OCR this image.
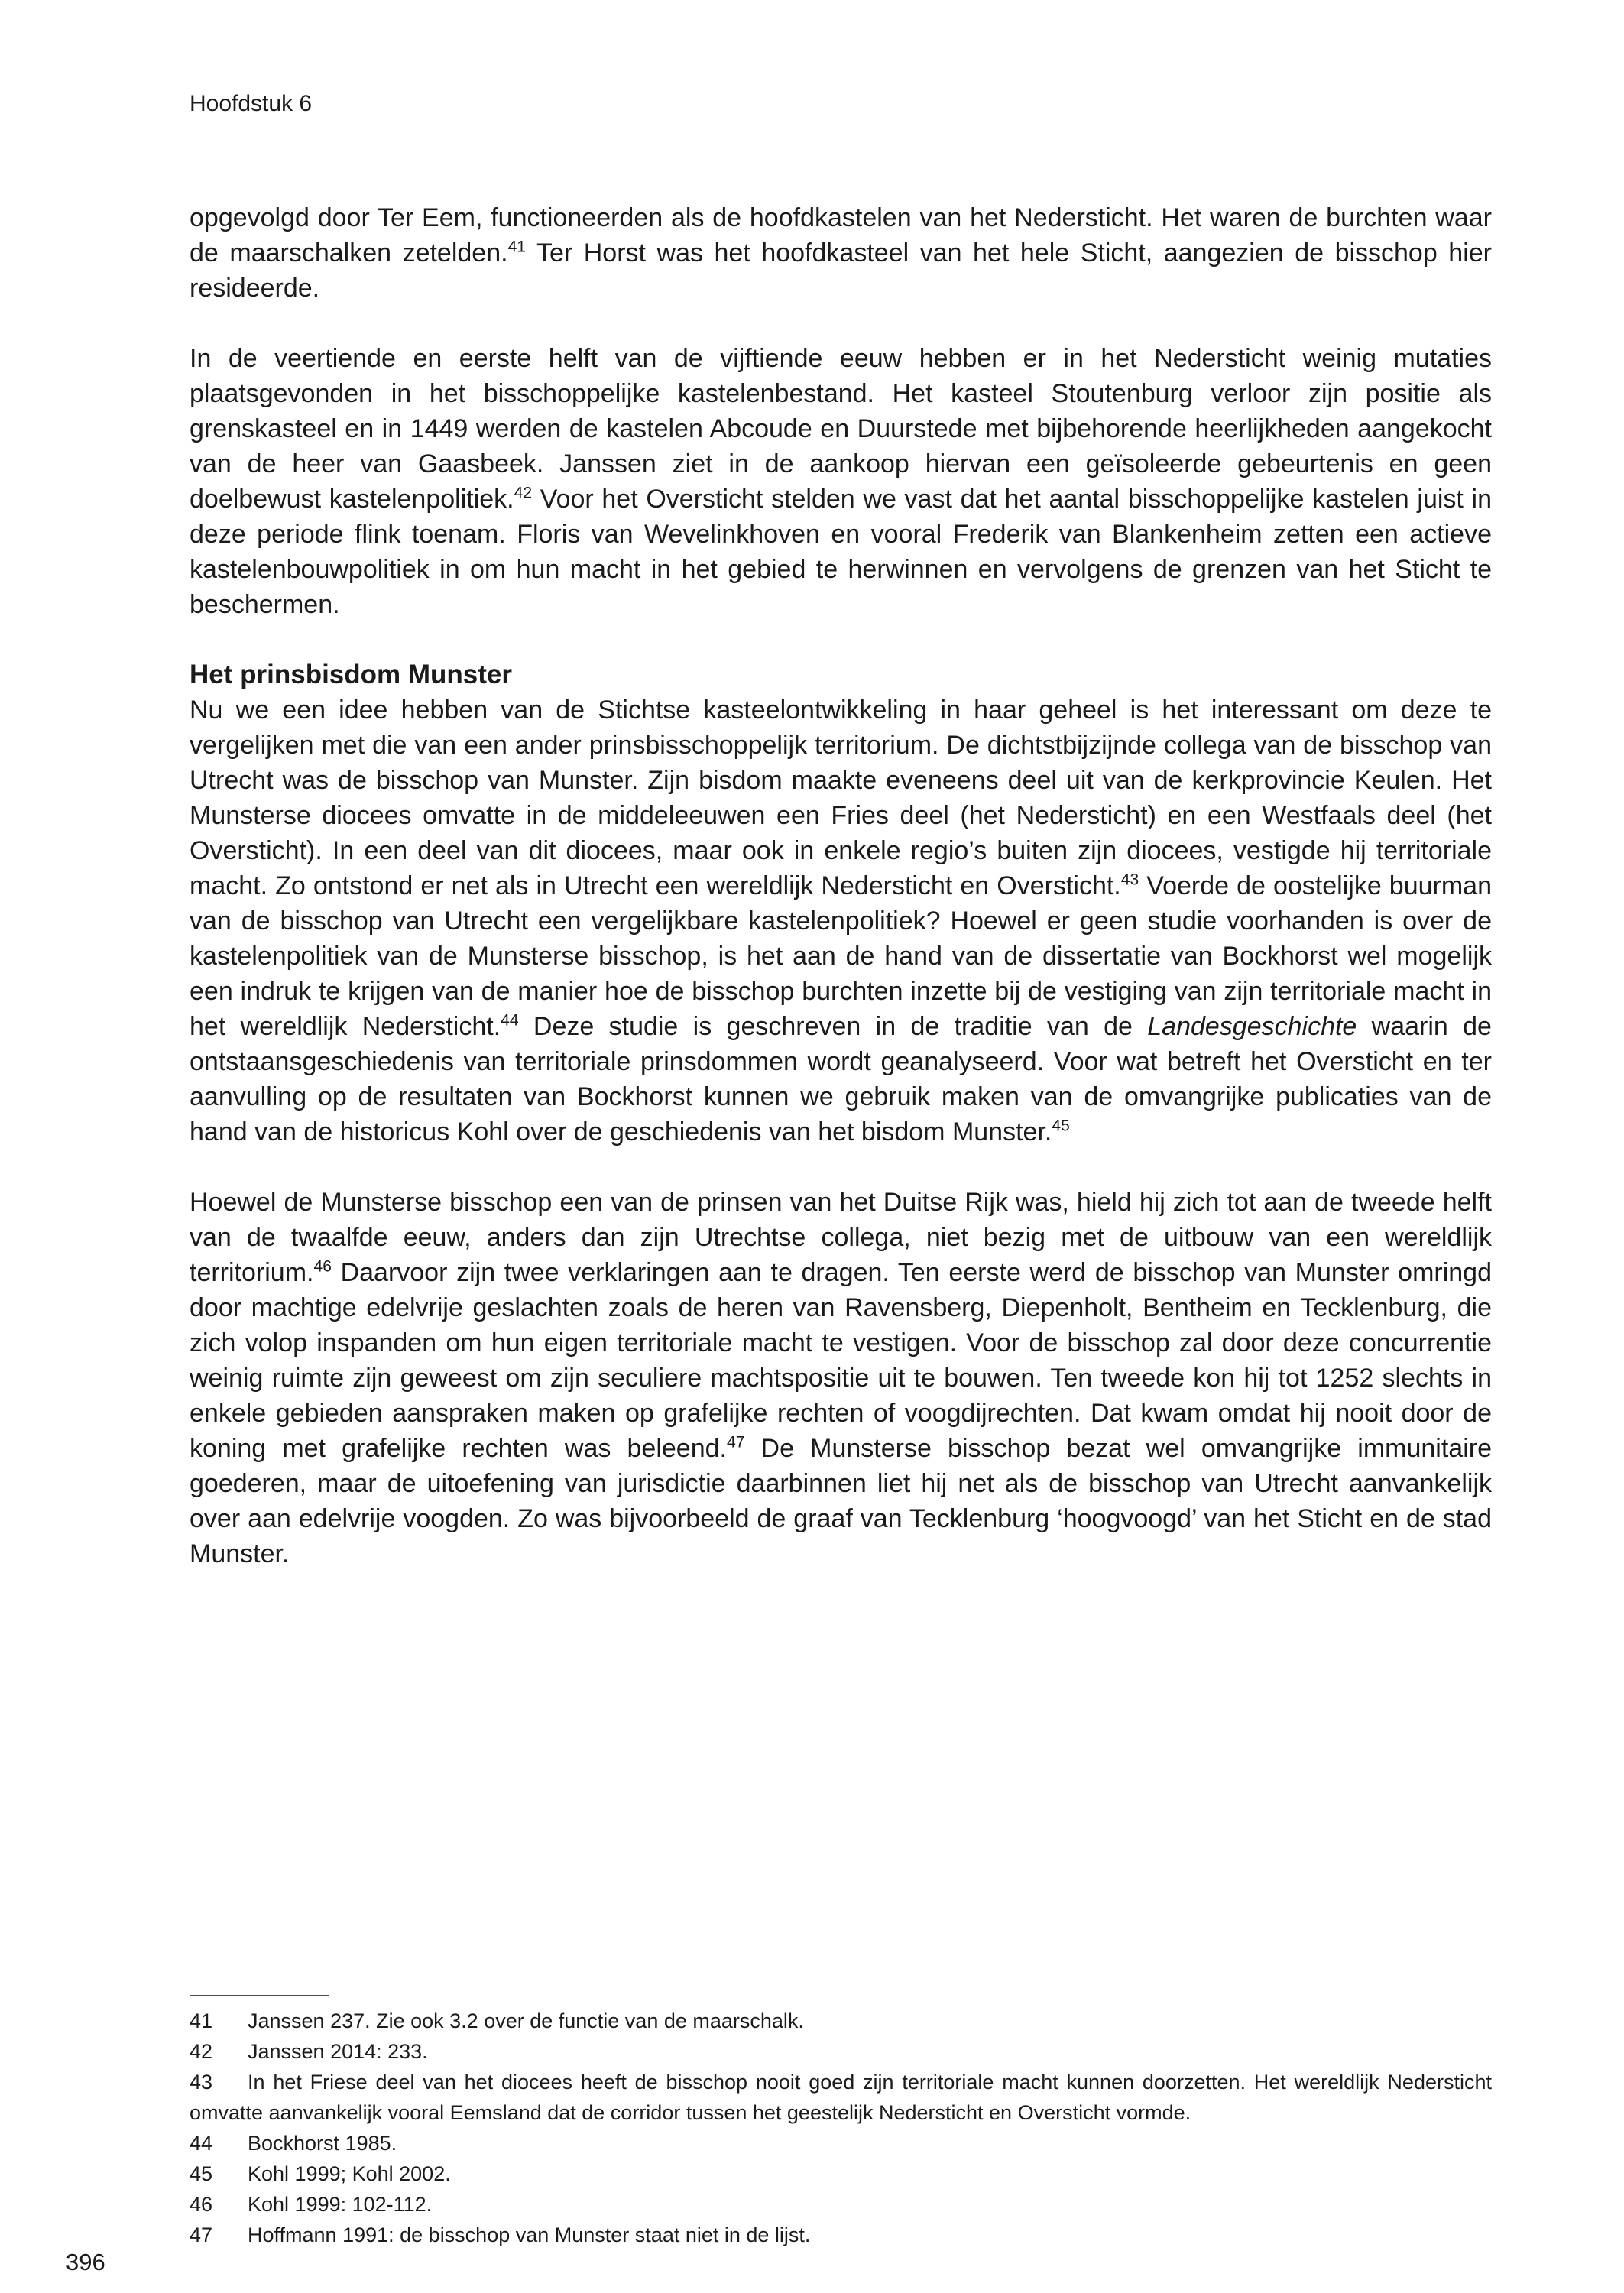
Hoofdstuk 6

opgevolgd door Ter Eem, functioneerden als de hoofdkastelen van het Nedersticht. Het waren de burchten waar de maarschalken zetelden.$^{41}$ Ter Horst was het hoofdkasteel van het hele Sticht, aangezien de bisschop hier resideerde.

In de veertiende en eerste helft van de vijftiende eeuw hebben er in het Nedersticht weinig mutaties plaatsgevonden in het bisschoppelijke kastelenbestand. Het kasteel Stoutenburg verloor zijn positie als grenskasteel en in 1449 werden de kastelen Abcoude en Duurstede met bijbehorende heerlijkheden aangekocht van de heer van Gaasbeek. Janssen ziet in de aankoop hiervan een geïsoleerde gebeurtenis en geen doelbewust kastelenpolitiek.$^{42}$ Voor het Oversticht stelden we vast dat het aantal bisschoppelijke kastelen juist in deze periode flink toenam. Floris van Wevelinkhoven en vooral Frederik van Blankenheim zetten een actieve kastelenbouwpolitiek in om hun macht in het gebied te herwinnen en vervolgens de grenzen van het Sticht te beschermen.

Het prinsbisdom Munster

Nu we een idee hebben van de Stichtse kasteelontwikkeling in haar geheel is het interessant om deze te vergelijken met die van een ander prinsbisschoppelijk territorium. De dichtstbijzijnde collega van de bisschop van Utrecht was de bisschop van Munster. Zijn bisdom maakte eveneens deel uit van de kerkprovincie Keulen. Het Munsterse diocees omvatte in de middeleeuwen een Fries deel (het Nedersticht) en een Westfaals deel (het Oversticht). In een deel van dit diocees, maar ook in enkele regio’s buiten zijn diocees, vestigde hij territoriale macht. Zo ontstond er net als in Utrecht een wereldlijk Nedersticht en Oversticht.$^{43}$ Voerde de oostelijke buurman van de bisschop van Utrecht een vergelijkbare kastelenpolitiek? Hoewel er geen studie voorhanden is over de kastelenpolitiek van de Munsterse bisschop, is het aan de hand van de dissertatie van Bockhorst wel mogelijk een indruk te krijgen van de manier hoe de bisschop burchten inzette bij de vestiging van zijn territoriale macht in het wereldlijk Nedersticht.$^{44}$ Deze studie is geschreven in de traditie van de Landesgeschichte waarin de ontstaansgeschiedenis van territoriale prinsdommen wordt geanalyseerd. Voor wat betreft het Oversticht en ter aanvulling op de resultaten van Bockhorst kunnen we gebruik maken van de omvangrijke publicaties van de hand van de historicus Kohl over de geschiedenis van het bisdom Munster.$^{45}$

Hoewel de Munsterse bisschop een van de prinsen van het Duitse Rijk was, hield hij zich tot aan de tweede helft van de twaalfde eeuw, anders dan zijn Utrechtse collega, niet bezig met de uitbouw van een wereldlijk territorium.$^{46}$ Daarvoor zijn twee verklaringen aan te dragen. Ten eerste werd de bisschop van Munster omringd door machtige edelvrije geslachten zoals de heren van Ravensberg, Diepenholt, Bentheim en Tecklenburg, die zich volop inspanden om hun eigen territoriale macht te vestigen. Voor de bisschop zal door deze concurrentie weinig ruimte zijn geweest om zijn seculiere machtspositie uit te bouwen. Ten tweede kon hij tot 1252 slechts in enkele gebieden aanspraken maken op grafelijke rechten of voogdijrechten. Dat kwam omdat hij nooit door de koning met grafelijke rechten was beleend.$^{47}$ De Munsterse bisschop bezat wel omvangrijke immunitaire goederen, maar de uitoefening van jurisdictie daarbinnen liet hij net als de bisschop van Utrecht aanvankelijk over aan edelvrije voogden. Zo was bijvoorbeeld de graaf van Tecklenburg ‘hoogvoogd’ van het Sticht en de stad Munster.

41 Janssen 237. Zie ook 3.2 over de functie van de maarschalk.
42 Janssen 2014: 233.
43 In het Friese deel van het diocees heeft de bisschop nooit goed zijn territoriale macht kunnen doorzetten. Het wereldlijk Nedersticht omvatte aanvankelijk vooral Eemsland dat de corridor tussen het geestelijk Nedersticht en Oversticht vormde.
44 Bockhorst 1985.
45 Kohl 1999; Kohl 2002.
46 Kohl 1999: 102-112.
47 Hoffmann 1991: de bisschop van Munster staat niet in de lijst.
396
